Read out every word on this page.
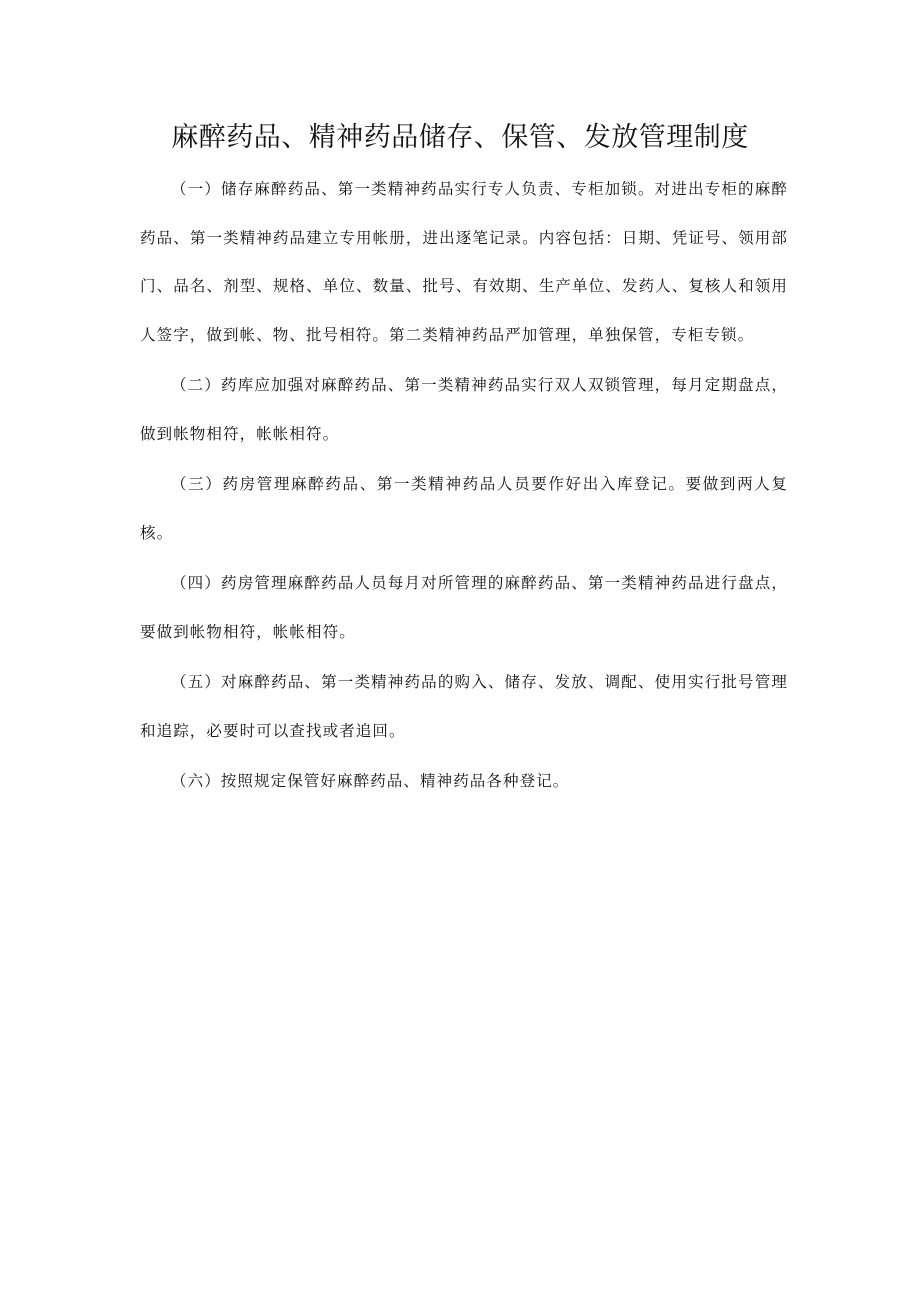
麻醉药品、精神药品储存、保管、发放管理制度

（一）储存麻醉药品、第一类精神药品实行专人负责、专柜加锁。对进出专柜的麻醉药品、第一类精神药品建立专用帐册，进出逐笔记录。内容包括：日期、凭证号、领用部门、品名、剂型、规格、单位、数量、批号、有效期、生产单位、发药人、复核人和领用人签字，做到帐、物、批号相符。第二类精神药品严加管理，单独保管，专柜专锁。

（二）药库应加强对麻醉药品、第一类精神药品实行双人双锁管理，每月定期盘点，做到帐物相符，帐帐相符。

（三）药房管理麻醉药品、第一类精神药品人员要作好出入库登记。要做到两人复核。

（四）药房管理麻醉药品人员每月对所管理的麻醉药品、第一类精神药品进行盘点，要做到帐物相符，帐帐相符。

（五）对麻醉药品、第一类精神药品的购入、储存、发放、调配、使用实行批号管理和追踪，必要时可以查找或者追回。

（六）按照规定保管好麻醉药品、精神药品各种登记。
